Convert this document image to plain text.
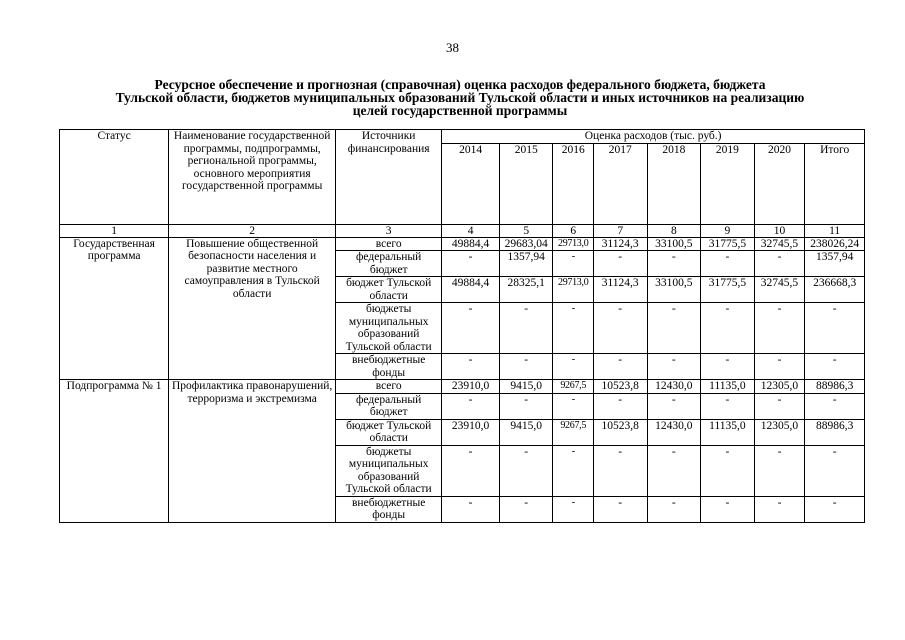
38
Ресурсное обеспечение и прогнозная (справочная) оценка расходов федерального бюджета, бюджета
Тульской области, бюджетов муниципальных образований Тульской области и иных источников на реализацию
целей государственной программы
Статус	Наименование государственной программы, подпрограммы, региональной программы, основного мероприятия государственной программы	Источники финансирования	Оценка расходов (тыс. руб.)							
			2014	2015	2016	2017	2018	2019	2020	Итого
1	2	3	4	5	6	7	8	9	10	11
Государственная программа	Повышение общественной безопасности населения и развитие местного самоуправления в Тульской области	всего	49884,4	29683,04	29713,0	31124,3	33100,5	31775,5	32745,5	238026,24
		федеральный бюджет	-	1357,94	-	-	-	-	-	1357,94
		бюджет Тульской области	49884,4	28325,1	29713,0	31124,3	33100,5	31775,5	32745,5	236668,3
		бюджеты муниципальных образований Тульской области	-	-	-	-	-	-	-	-
		внебюджетные фонды	-	-	-	-	-	-	-	-
Подпрограмма № 1	Профилактика правонарушений, терроризма и экстремизма	всего	23910,0	9415,0	9267,5	10523,8	12430,0	11135,0	12305,0	88986,3
		федеральный бюджет	-	-	-	-	-	-	-	-
		бюджет Тульской области	23910,0	9415,0	9267,5	10523,8	12430,0	11135,0	12305,0	88986,3
		бюджеты муниципальных образований Тульской области	-	-	-	-	-	-	-	-
		внебюджетные фонды	-	-	-	-	-	-	-	-
